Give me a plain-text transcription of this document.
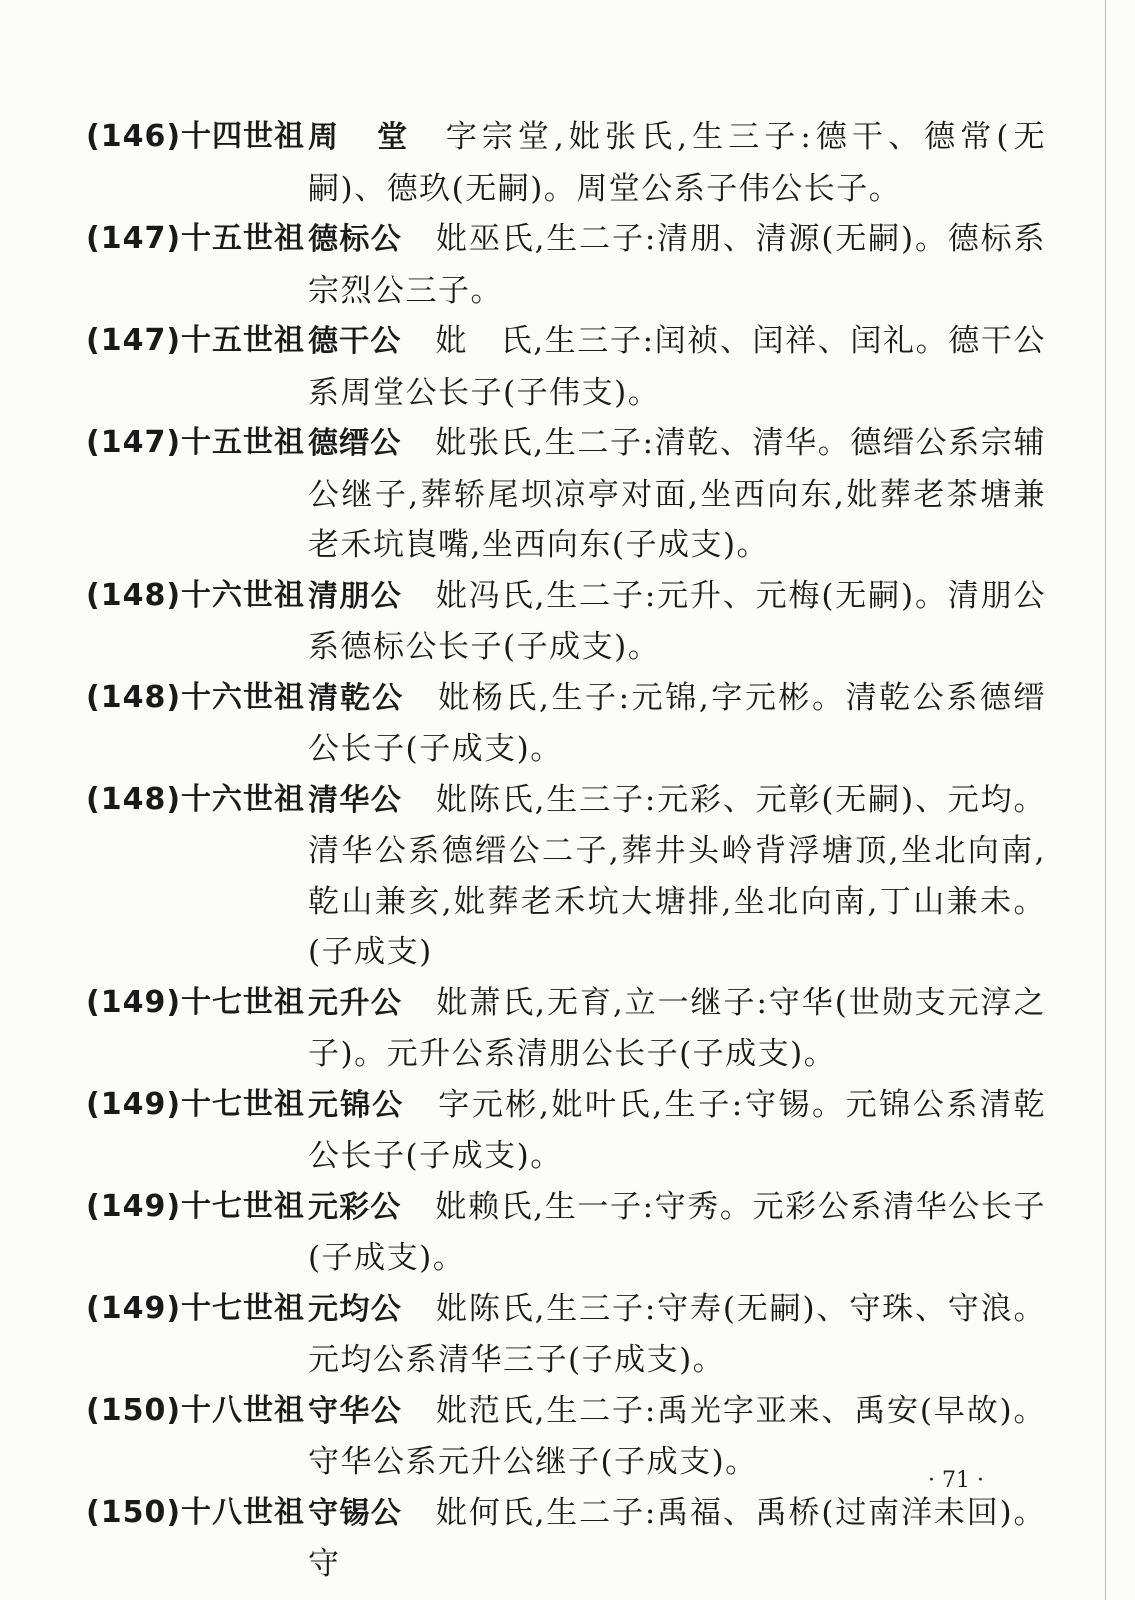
(146)十四世祖 周　堂 字宗堂,妣张氏,生三子:德干、德常(无嗣)、德玖(无嗣)。周堂公系子伟公长子。
(147)十五世祖 德标公 妣巫氏,生二子:清朋、清源(无嗣)。德标系宗烈公三子。
(147)十五世祖 德干公 妣　氏,生三子:闰祯、闰祥、闰礼。德干公系周堂公长子(子伟支)。
(147)十五世祖 德缙公 妣张氏,生二子:清乾、清华。德缙公系宗辅公继子,葬轿尾坝凉亭对面,坐西向东,妣葬老茶塘兼老禾坑崀嘴,坐西向东(子成支)。
(148)十六世祖 清朋公 妣冯氏,生二子:元升、元梅(无嗣)。清朋公系德标公长子(子成支)。
(148)十六世祖 清乾公 妣杨氏,生子:元锦,字元彬。清乾公系德缙公长子(子成支)。
(148)十六世祖 清华公 妣陈氏,生三子:元彩、元彰(无嗣)、元均。清华公系德缙公二子,葬井头岭背浮塘顶,坐北向南,乾山兼亥,妣葬老禾坑大塘排,坐北向南,丁山兼未。(子成支)
(149)十七世祖 元升公 妣萧氏,无育,立一继子:守华(世勋支元淳之子)。元升公系清朋公长子(子成支)。
(149)十七世祖 元锦公 字元彬,妣叶氏,生子:守锡。元锦公系清乾公长子(子成支)。
(149)十七世祖 元彩公 妣赖氏,生一子:守秀。元彩公系清华公长子(子成支)。
(149)十七世祖 元均公 妣陈氏,生三子:守寿(无嗣)、守珠、守浪。元均公系清华三子(子成支)。
(150)十八世祖 守华公 妣范氏,生二子:禹光字亚来、禹安(早故)。守华公系元升公继子(子成支)。
(150)十八世祖 守锡公 妣何氏,生二子:禹福、禹桥(过南洋未回)。守
· 71 ·
